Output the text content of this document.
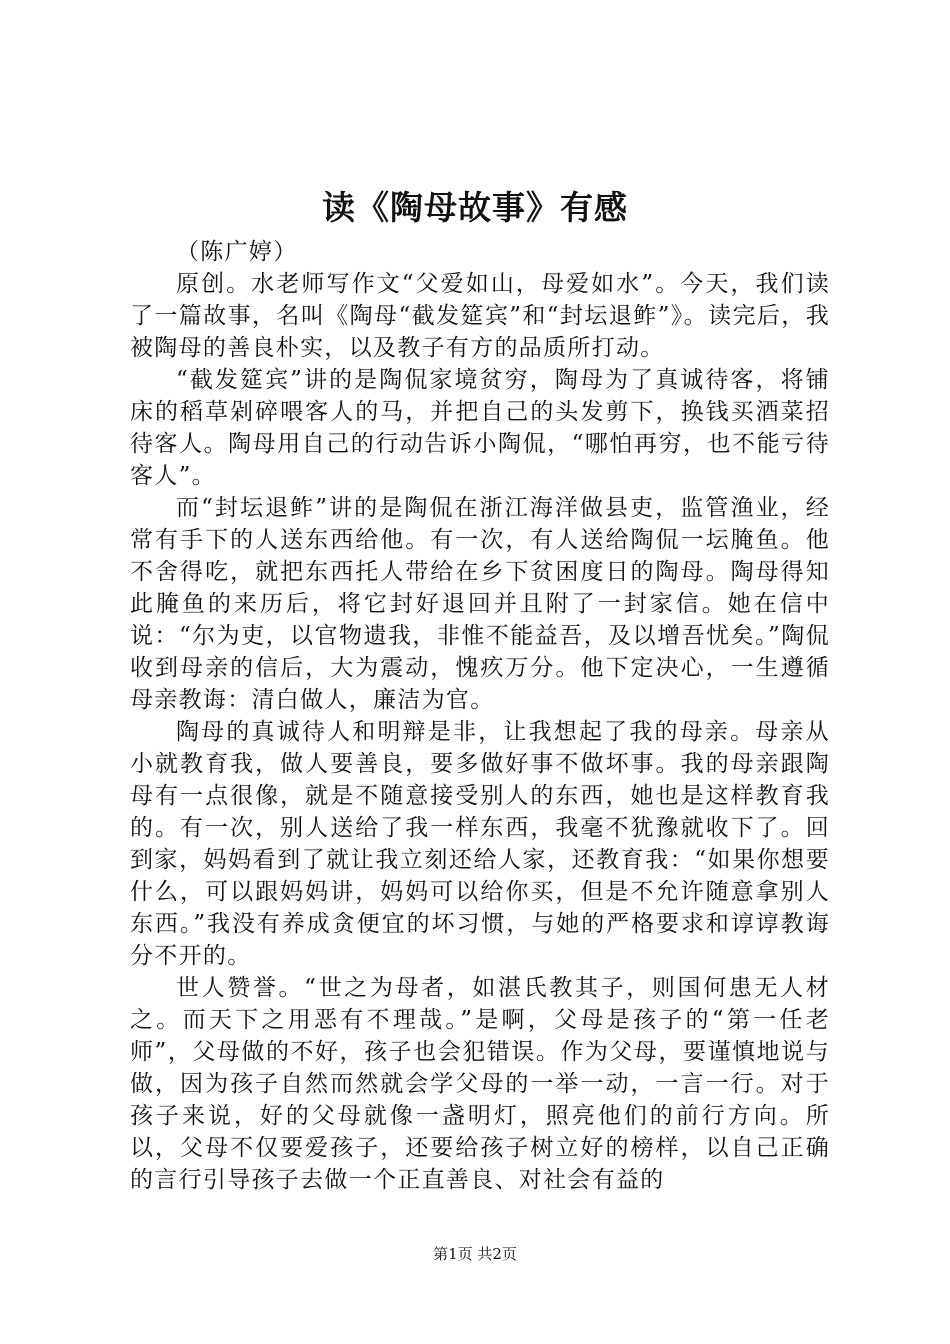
读《陶母故事》有感

（陈广婷）

原创。水老师写作文“父爱如山，母爱如水”。今天，我们读了一篇故事，名叫《陶母“截发筵宾”和“封坛退鲊”》。读完后，我被陶母的善良朴实，以及教子有方的品质所打动。

“截发筵宾”讲的是陶侃家境贫穷，陶母为了真诚待客，将铺床的稻草剁碎喂客人的马，并把自己的头发剪下，换钱买酒菜招待客人。陶母用自己的行动告诉小陶侃，“哪怕再穷，也不能亏待客人”。

而“封坛退鲊”讲的是陶侃在浙江海洋做县吏，监管渔业，经常有手下的人送东西给他。有一次，有人送给陶侃一坛腌鱼。他不舍得吃，就把东西托人带给在乡下贫困度日的陶母。陶母得知此腌鱼的来历后，将它封好退回并且附了一封家信。她在信中说：“尔为吏，以官物遗我，非惟不能益吾，及以增吾忧矣。”陶侃收到母亲的信后，大为震动，愧疚万分。他下定决心，一生遵循母亲教诲：清白做人，廉洁为官。

陶母的真诚待人和明辩是非，让我想起了我的母亲。母亲从小就教育我，做人要善良，要多做好事不做坏事。我的母亲跟陶母有一点很像，就是不随意接受别人的东西，她也是这样教育我的。有一次，别人送给了我一样东西，我毫不犹豫就收下了。回到家，妈妈看到了就让我立刻还给人家，还教育我：“如果你想要什么，可以跟妈妈讲，妈妈可以给你买，但是不允许随意拿别人东西。”我没有养成贪便宜的坏习惯，与她的严格要求和谆谆教诲分不开的。

世人赞誉。“世之为母者，如湛氏教其子，则国何患无人材之。而天下之用恶有不理哉。”是啊，父母是孩子的“第一任老师”，父母做的不好，孩子也会犯错误。作为父母，要谨慎地说与做，因为孩子自然而然就会学父母的一举一动，一言一行。对于孩子来说，好的父母就像一盏明灯，照亮他们的前行方向。所以，父母不仅要爱孩子，还要给孩子树立好的榜样，以自己正确的言行引导孩子去做一个正直善良、对社会有益的

第1页 共2页
